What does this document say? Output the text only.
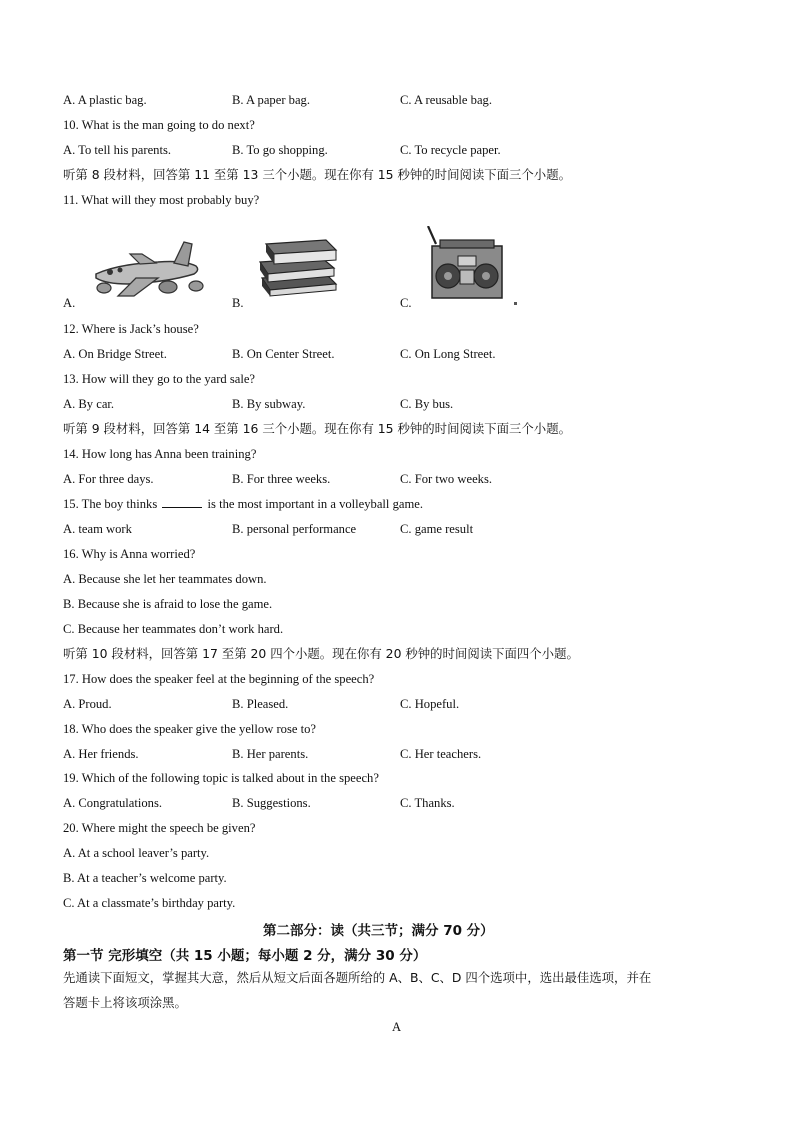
A. A plastic bag.	B. A paper bag.	C. A reusable bag.
10. What is the man going to do next?
A. To tell his parents.	B. To go shopping.	C. To recycle paper.
听第 8 段材料，回答第 11 至第 13 三个小题。现在你有 15 秒钟的时间阅读下面三个小题。
11. What will they most probably buy?
A.	B.	C.
12. Where is Jack’s house?
A. On Bridge Street.	B. On Center Street.	C. On Long Street.
13. How will they go to the yard sale?
A. By car.	B. By subway.	C. By bus.
听第 9 段材料，回答第 14 至第 16 三个小题。现在你有 15 秒钟的时间阅读下面三个小题。
14. How long has Anna been training?
A. For three days.	B. For three weeks.	C. For two weeks.
15. The boy thinks	is the most important in a volleyball game.
A. team work	B. personal performance	C. game result
16. Why is Anna worried?
A. Because she let her teammates down.
B. Because she is afraid to lose the game.
C. Because her teammates don’t work hard.
听第 10 段材料，回答第 17 至第 20 四个小题。现在你有 20 秒钟的时间阅读下面四个小题。
17. How does the speaker feel at the beginning of the speech?
A. Proud.	B. Pleased.	C. Hopeful.
18. Who does the speaker give the yellow rose to?
A. Her friends.	B. Her parents.	C. Her teachers.
19. Which of the following topic is talked about in the speech?
A. Congratulations.	B. Suggestions.	C. Thanks.
20. Where might the speech be given?
A. At a school leaver’s party.
B. At a teacher’s welcome party.
C. At a classmate’s birthday party.
第二部分：读（共三节；满分 70 分）
第一节 完形填空（共 15 小题；每小题 2 分，满分 30 分）
先通读下面短文，掌握其大意，然后从短文后面各题所给的 A、B、C、D 四个选项中，选出最佳选项，并在
答题卡上将该项涂黑。
A
